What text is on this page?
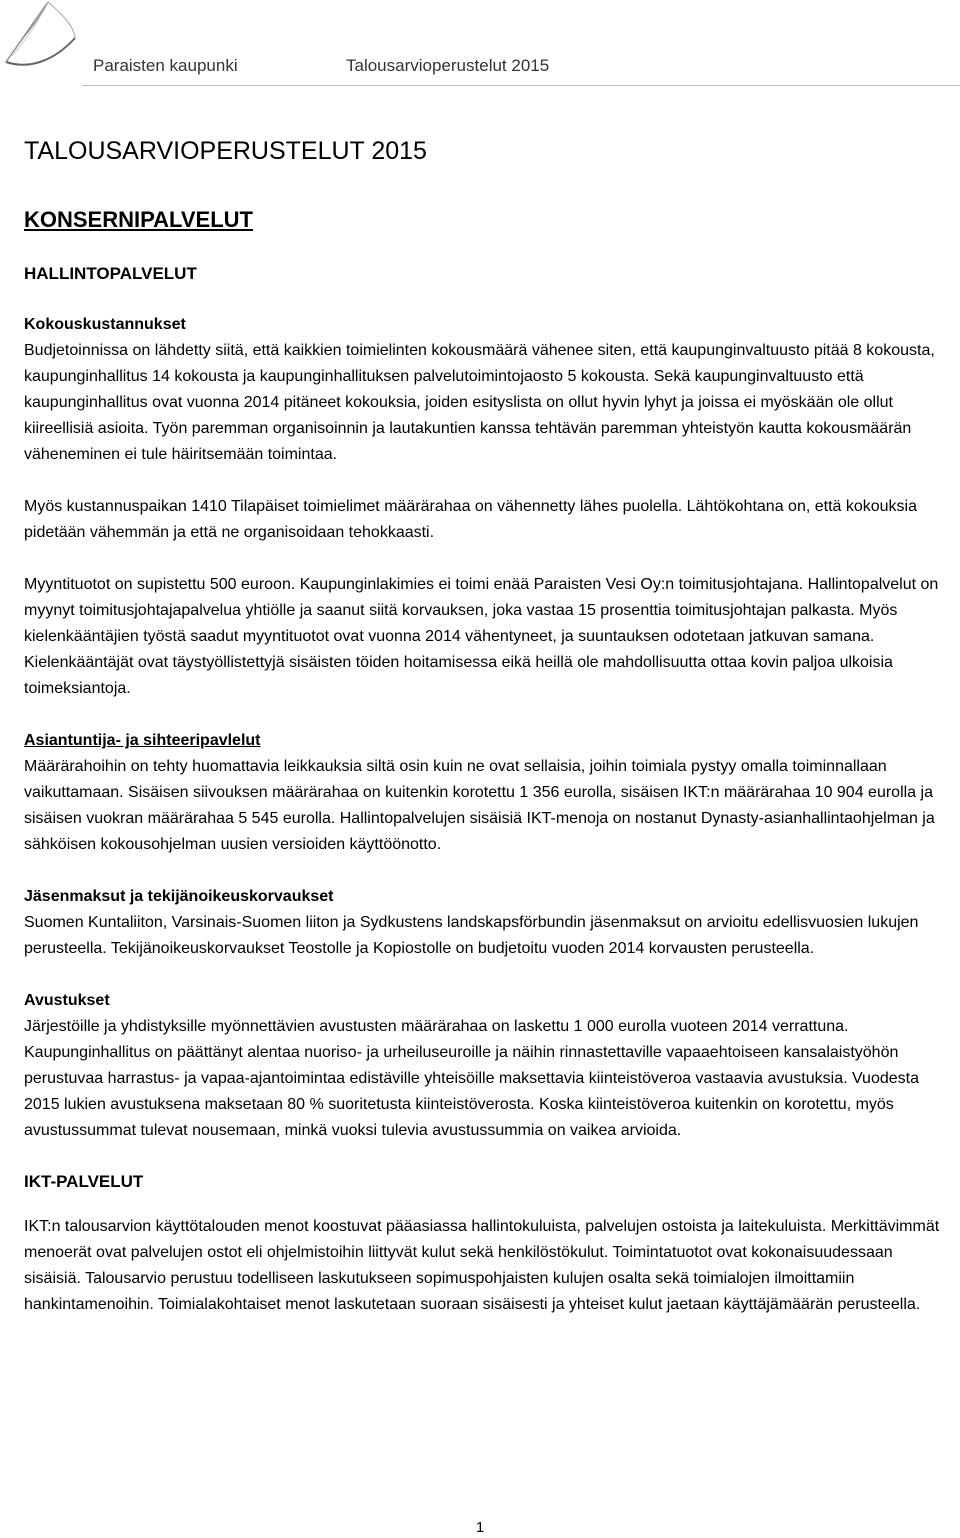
Paraisten kaupunki	Talousarvioperustelut 2015
TALOUSARVIOPERUSTELUT 2015
KONSERNIPALVELUT
HALLINTOPALVELUT
Kokouskustannukset

Budjetoinnissa on lähdetty siitä, että kaikkien toimielinten kokousmäärä vähenee siten, että kaupunginvaltuusto pitää 8 kokousta, kaupunginhallitus 14 kokousta ja kaupunginhallituksen palvelutoimintojaosto 5 kokousta. Sekä kaupunginvaltuusto että kaupunginhallitus ovat vuonna 2014 pitäneet kokouksia, joiden esityslista on ollut hyvin lyhyt ja joissa ei myöskään ole ollut kiireellisiä asioita. Työn paremman organisoinnin ja lautakuntien kanssa tehtävän paremman yhteistyön kautta kokousmäärän väheneminen ei tule häiritsemään toimintaa.

Myös kustannuspaikan 1410 Tilapäiset toimielimet määrärahaa on vähennetty lähes puolella. Lähtökohtana on, että kokouksia pidetään vähemmän ja että ne organisoidaan tehokkaasti.

Myyntituotot on supistettu 500 euroon. Kaupunginlakimies ei toimi enää Paraisten Vesi Oy:n toimitusjohtajana. Hallintopalvelut on myynyt toimitusjohtajapalvelua yhtiölle ja saanut siitä korvauksen, joka vastaa 15 prosenttia toimitusjohtajan palkasta. Myös kielenkääntäjien työstä saadut myyntituotot ovat vuonna 2014 vähentyneet, ja suuntauksen odotetaan jatkuvan samana. Kielenkääntäjät ovat täystyöllistettyjä sisäisten töiden hoitamisessa eikä heillä ole mahdollisuutta ottaa kovin paljoa ulkoisia toimeksiantoja.

Asiantuntija- ja sihteeripavlelut

Määrärahoihin on tehty huomattavia leikkauksia siltä osin kuin ne ovat sellaisia, joihin toimiala pystyy omalla toiminnallaan vaikuttamaan. Sisäisen siivouksen määrärahaa on kuitenkin korotettu 1 356 eurolla, sisäisen IKT:n määrärahaa 10 904 eurolla ja sisäisen vuokran määrärahaa 5 545 eurolla. Hallintopalvelujen sisäisiä IKT-menoja on nostanut Dynasty-asianhallintaohjelman ja sähköisen kokousohjelman uusien versioiden käyttöönotto.

Jäsenmaksut ja tekijänoikeuskorvaukset

Suomen Kuntaliiton, Varsinais-Suomen liiton ja Sydkustens landskapsförbundin jäsenmaksut on arvioitu edellisvuosien lukujen perusteella. Tekijänoikeuskorvaukset Teostolle ja Kopiostolle on budjetoitu vuoden 2014 korvausten perusteella.

Avustukset

Järjestöille ja yhdistyksille myönnettävien avustusten määrärahaa on laskettu 1 000 eurolla vuoteen 2014 verrattuna. Kaupunginhallitus on päättänyt alentaa nuoriso- ja urheiluseuroille ja näihin rinnastettaville vapaaehtoiseen kansalaistyöhön perustuvaa harrastus- ja vapaa-ajantoimintaa edistäville yhteisöille maksettavia kiinteistöveroa vastaavia avustuksia. Vuodesta 2015 lukien avustuksena maksetaan 80 % suoritetusta kiinteistöverosta. Koska kiinteistöveroa kuitenkin on korotettu, myös avustussummat tulevat nousemaan, minkä vuoksi tulevia avustussummia on vaikea arvioida.

IKT-PALVELUT

IKT:n talousarvion käyttötalouden menot koostuvat pääasiassa hallintokuluista, palvelujen ostoista ja laitekuluista. Merkittävimmät menoerät ovat palvelujen ostot eli ohjelmistoihin liittyvät kulut sekä henkilöstökulut. Toimintatuotot ovat kokonaisuudessaan sisäisiä. Talousarvio perustuu todelliseen laskutukseen sopimuspohjaisten kulujen osalta sekä toimialojen ilmoittamiin hankintamenoihin. Toimialakohtaiset menot laskutetaan suoraan sisäisesti ja yhteiset kulut jaetaan käyttäjämäärän perusteella.

1
